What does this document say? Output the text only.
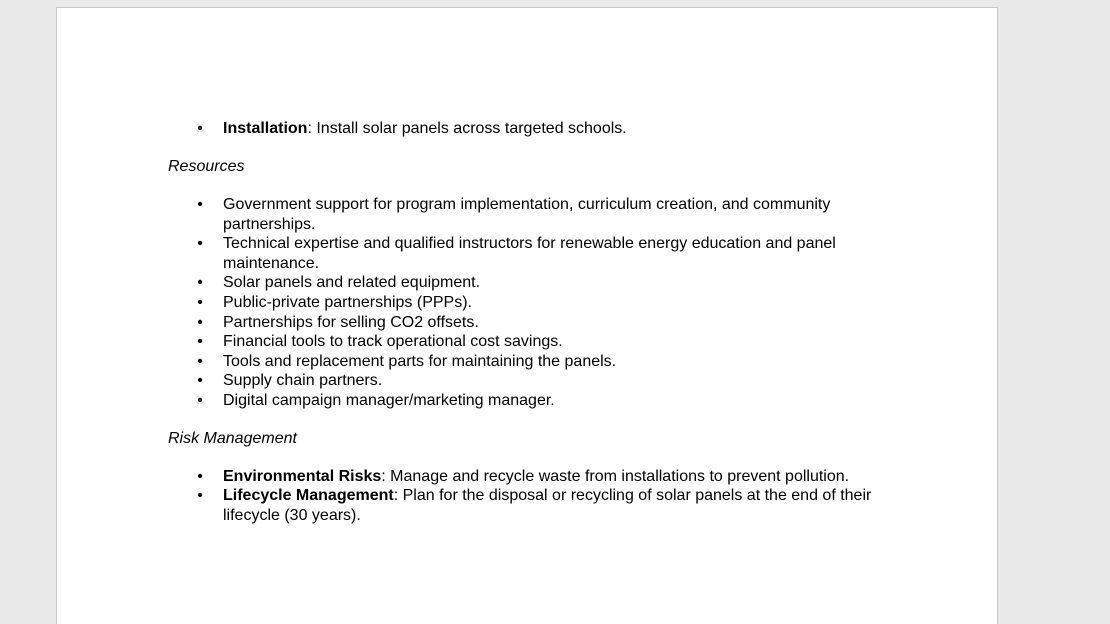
• Installation: Install solar panels across targeted schools.

Resources

• Government support for program implementation, curriculum creation, and community partnerships.
• Technical expertise and qualified instructors for renewable energy education and panel maintenance.
• Solar panels and related equipment.
• Public-private partnerships (PPPs).
• Partnerships for selling CO2 offsets.
• Financial tools to track operational cost savings.
• Tools and replacement parts for maintaining the panels.
• Supply chain partners.
• Digital campaign manager/marketing manager.

Risk Management

• Environmental Risks: Manage and recycle waste from installations to prevent pollution.
• Lifecycle Management: Plan for the disposal or recycling of solar panels at the end of their lifecycle (30 years).
